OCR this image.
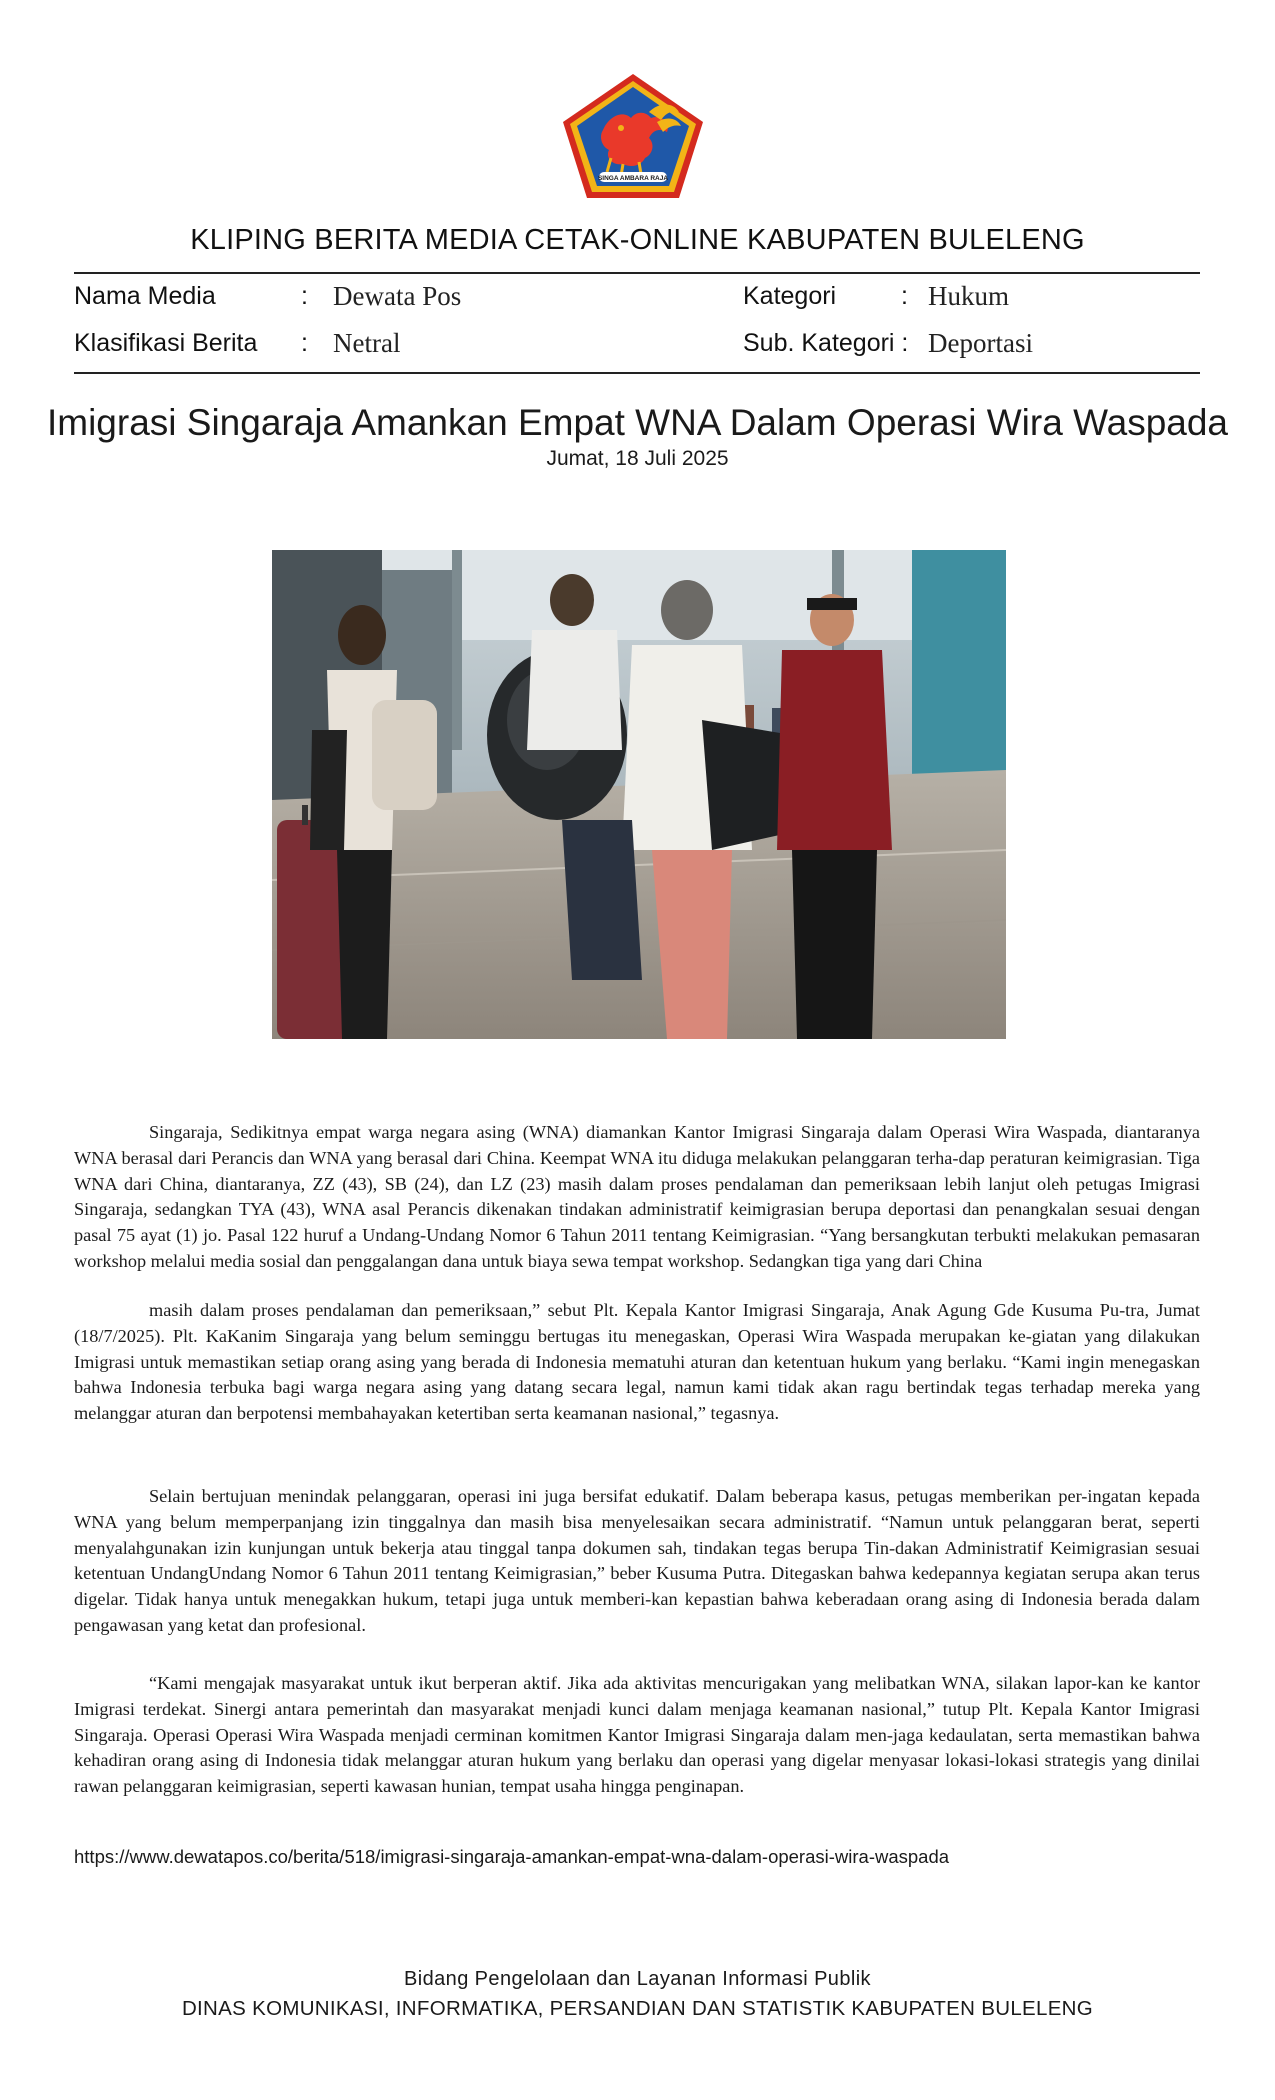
SINGA AMBARA RAJA
KLIPING BERITA MEDIA CETAK-ONLINE KABUPATEN BULELENG
Nama Media	: Dewata Pos	Kategori	: Hukum
Klasifikasi Berita : Netral	Sub. Kategori : Deportasi
Imigrasi Singaraja Amankan Empat WNA Dalam Operasi Wira Waspada
Jumat, 18 Juli 2025

Singaraja, Sedikitnya empat warga negara asing (WNA) diamankan Kantor Imigrasi Singaraja dalam Operasi Wira Waspada, diantaranya WNA berasal dari Perancis dan WNA yang berasal dari China. Keempat WNA itu diduga melakukan pelanggaran terha-dap peraturan keimigrasian. Tiga WNA dari China, diantaranya, ZZ (43), SB (24), dan LZ (23) masih dalam proses pendalaman dan pemeriksaan lebih lanjut oleh petugas Imigrasi Singaraja, sedangkan TYA (43), WNA asal Perancis dikenakan tindakan administratif keimigrasian berupa deportasi dan penangkalan sesuai dengan pasal 75 ayat (1) jo. Pasal 122 huruf a Undang-Undang Nomor 6 Tahun 2011 tentang Keimigrasian. “Yang bersangkutan terbukti melakukan pemasaran workshop melalui media sosial dan penggalangan dana untuk biaya sewa tempat workshop. Sedangkan tiga yang dari China

masih dalam proses pendalaman dan pemeriksaan,” sebut Plt. Kepala Kantor Imigrasi Singaraja, Anak Agung Gde Kusuma Pu-tra, Jumat (18/7/2025). Plt. KaKanim Singaraja yang belum seminggu bertugas itu menegaskan, Operasi Wira Waspada merupakan ke-giatan yang dilakukan Imigrasi untuk memastikan setiap orang asing yang berada di Indonesia mematuhi aturan dan ketentuan hukum yang berlaku. “Kami ingin menegaskan bahwa Indonesia terbuka bagi warga negara asing yang datang secara legal, namun kami tidak akan ragu bertindak tegas terhadap mereka yang melanggar aturan dan berpotensi membahayakan ketertiban serta keamanan nasional,” tegasnya.

Selain bertujuan menindak pelanggaran, operasi ini juga bersifat edukatif. Dalam beberapa kasus, petugas memberikan per-ingatan kepada WNA yang belum memperpanjang izin tinggalnya dan masih bisa menyelesaikan secara administratif. “Namun untuk pelanggaran berat, seperti menyalahgunakan izin kunjungan untuk bekerja atau tinggal tanpa dokumen sah, tindakan tegas berupa Tin-dakan Administratif Keimigrasian sesuai ketentuan UndangUndang Nomor 6 Tahun 2011 tentang Keimigrasian,” beber Kusuma Putra. Ditegaskan bahwa kedepannya kegiatan serupa akan terus digelar. Tidak hanya untuk menegakkan hukum, tetapi juga untuk memberi-kan kepastian bahwa keberadaan orang asing di Indonesia berada dalam pengawasan yang ketat dan profesional.

“Kami mengajak masyarakat untuk ikut berperan aktif. Jika ada aktivitas mencurigakan yang melibatkan WNA, silakan lapor-kan ke kantor Imigrasi terdekat. Sinergi antara pemerintah dan masyarakat menjadi kunci dalam menjaga keamanan nasional,” tutup Plt. Kepala Kantor Imigrasi Singaraja. Operasi Operasi Wira Waspada menjadi cerminan komitmen Kantor Imigrasi Singaraja dalam men-jaga kedaulatan, serta memastikan bahwa kehadiran orang asing di Indonesia tidak melanggar aturan hukum yang berlaku dan operasi yang digelar menyasar lokasi-lokasi strategis yang dinilai rawan pelanggaran keimigrasian, seperti kawasan hunian, tempat usaha hingga penginapan.

https://www.dewatapos.co/berita/518/imigrasi-singaraja-amankan-empat-wna-dalam-operasi-wira-waspada
Bidang Pengelolaan dan Layanan Informasi Publik
DINAS KOMUNIKASI, INFORMATIKA, PERSANDIAN DAN STATISTIK KABUPATEN BULELENG
